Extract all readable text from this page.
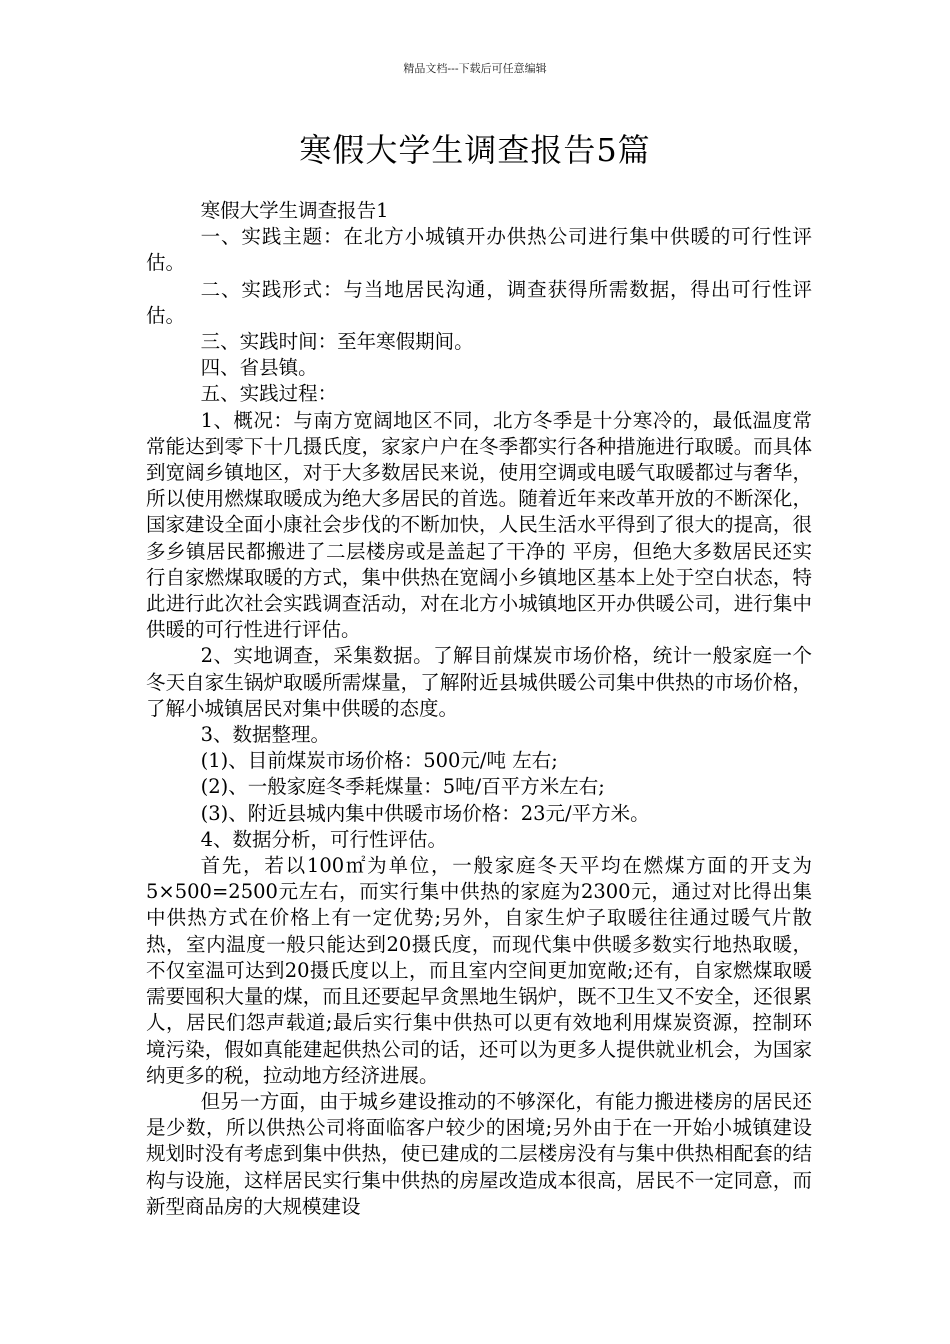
精品文档---下载后可任意编辑
寒假大学生调查报告5篇

寒假大学生调查报告1

一、实践主题：在北方小城镇开办供热公司进行集中供暖的可行性评估。

二、实践形式：与当地居民沟通，调查获得所需数据，得出可行性评估。

三、实践时间：至年寒假期间。

四、省县镇。

五、实践过程：

1、概况：与南方宽阔地区不同，北方冬季是十分寒冷的，最低温度常常能达到零下十几摄氏度，家家户户在冬季都实行各种措施进行取暖。而具体到宽阔乡镇地区，对于大多数居民来说，使用空调或电暖气取暖都过与奢华，所以使用燃煤取暖成为绝大多居民的首选。随着近年来改革开放的不断深化，国家建设全面小康社会步伐的不断加快，人民生活水平得到了很大的提高，很多乡镇居民都搬进了二层楼房或是盖起了干净的 平房，但绝大多数居民还实行自家燃煤取暖的方式，集中供热在宽阔小乡镇地区基本上处于空白状态，特此进行此次社会实践调查活动，对在北方小城镇地区开办供暖公司，进行集中供暖的可行性进行评估。

2、实地调查，采集数据。了解目前煤炭市场价格，统计一般家庭一个冬天自家生锅炉取暖所需煤量，了解附近县城供暖公司集中供热的市场价格，了解小城镇居民对集中供暖的态度。

3、数据整理。

(1)、目前煤炭市场价格：500元/吨 左右;

(2)、一般家庭冬季耗煤量：5吨/百平方米左右;

(3)、附近县城内集中供暖市场价格：23元/平方米。

4、数据分析，可行性评估。

首先，若以100㎡为单位，一般家庭冬天平均在燃煤方面的开支为5×500=2500元左右，而实行集中供热的家庭为2300元，通过对比得出集中供热方式在价格上有一定优势;另外，自家生炉子取暖往往通过暖气片散热，室内温度一般只能达到20摄氏度，而现代集中供暖多数实行地热取暖，不仅室温可达到20摄氏度以上，而且室内空间更加宽敞;还有，自家燃煤取暖需要囤积大量的煤，而且还要起早贪黑地生锅炉，既不卫生又不安全，还很累人，居民们怨声载道;最后实行集中供热可以更有效地利用煤炭资源，控制环境污染，假如真能建起供热公司的话，还可以为更多人提供就业机会，为国家纳更多的税，拉动地方经济进展。

但另一方面，由于城乡建设推动的不够深化，有能力搬进楼房的居民还是少数，所以供热公司将面临客户较少的困境;另外由于在一开始小城镇建设规划时没有考虑到集中供热，使已建成的二层楼房没有与集中供热相配套的结构与设施，这样居民实行集中供热的房屋改造成本很高，居民不一定同意，而新型商品房的大规模建设
